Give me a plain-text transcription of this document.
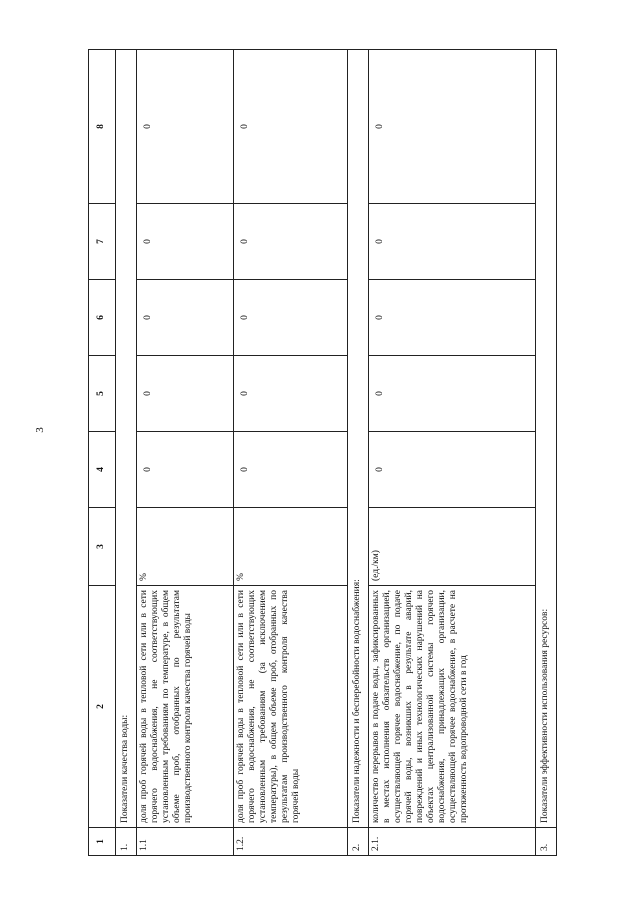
3
1	2	3	4	5	6	7	8
1.	Показатели качества воды:						
1.1	доля проб горячей воды в тепловой сети или в сети горячего водоснабжения, не соответствующих установленным требованиям по температуре, в общем объеме проб, отобранных по результатам производственного контроля качества горячей воды	%	0	0	0	0	0
1.2.	доля проб горячей воды в тепловой сети или в сети горячего водоснабжения, не соответствующих установленным требованиям (за исключением температуры), в общем объеме проб, отобранных по результатам производственного контроля качества горячей воды	%	0	0	0	0	0
2.	Показатели надежности и бесперебойности водоснабжения:						
2.1.	количество перерывов в подаче воды, зафиксированных в местах исполнения обязательств организацией, осуществляющей горячее водоснабжение, по подаче горячей воды, возникших в результате аварий, повреждений и иных технологических нарушений на объектах централизованной системы горячего водоснабжения, принадлежащих организации, осуществляющей горячее водоснабжение, в расчете на протяженность водопроводной сети в год	(ед./км)	0	0	0	0	0
3.	Показатели эффективности использования ресурсов:						
